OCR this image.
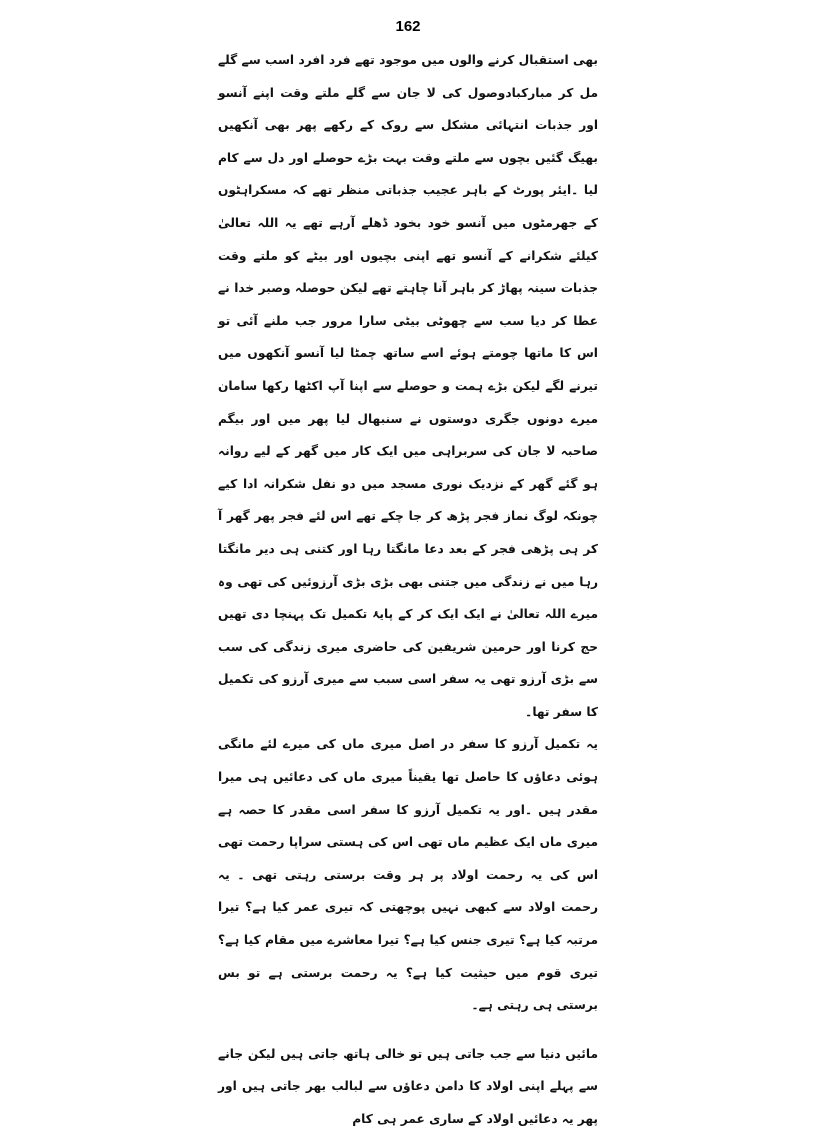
162

بھی استقبال کرنے والوں میں موجود تھے فرد افرد اسب سے گلے مل کر مبارکبادوصول کی لا جان سے گلے ملتے وقت اپنے آنسو اور جذبات انتہائی مشکل سے روک کے رکھے پھر بھی آنکھیں بھیگ گئیں بچوں سے ملتے وقت بہت بڑے حوصلے اور دل سے کام لیا ۔ایئر پورٹ کے باہر عجیب جذباتی منظر تھے کہ مسکراہٹوں کے جھرمٹوں میں آنسو خود بخود ڈھلے آرہے تھے یہ اللہ تعالیٰ کیلئے شکرانے کے آنسو تھے اپنی بچیوں اور بیٹے کو ملتے وقت جذبات سینہ پھاڑ کر باہر آنا چاہتے تھے لیکن حوصلہ وصبر خدا نے عطا کر دیا سب سے چھوٹی بیٹی سارا مرور جب ملنے آئی تو اس کا ماتھا چومتے ہوئے اسے ساتھ چمٹا لیا آنسو آنکھوں میں تیرنے لگے لیکن بڑے ہمت و حوصلے سے اپنا آپ اکٹھا رکھا سامان میرے دونوں جگری دوستوں نے سنبھال لیا پھر میں اور بیگم صاحبہ لا جان کی سربراہی میں ایک کار میں گھر کے لیے روانہ ہو گئے گھر کے نزدیک نوری مسجد میں دو نفل شکرانہ ادا کیے چونکہ لوگ نماز فجر پڑھ کر جا چکے تھے اس لئے فجر پھر گھر آ کر ہی پڑھی فجر کے بعد دعا مانگتا رہا اور کتنی ہی دیر مانگتا رہا میں نے زندگی میں جتنی بھی بڑی بڑی آرزوئیں کی تھی وہ میرے اللہ تعالیٰ نے ایک ایک کر کے پایۂ تکمیل تک پہنچا دی تھیں حج کرنا اور حرمین شریفین کی حاضری میری زندگی کی سب سے بڑی آرزو تھی یہ سفر اسی سبب سے میری آرزو کی تکمیل کا سفر تھا۔

یہ تکمیل آرزو کا سفر در اصل میری ماں کی میرے لئے مانگی ہوئی دعاؤں کا حاصل تھا یقیناً میری ماں کی دعائیں ہی میرا مقدر ہیں ۔اور یہ تکمیل آرزو کا سفر اسی مقدر کا حصہ ہے میری ماں ایک عظیم ماں تھی اس کی ہستی سراپا رحمت تھی اس کی یہ رحمت اولاد پر ہر وقت برستی رہتی تھی ۔ یہ رحمت اولاد سے کبھی نہیں پوچھتی کہ تیری عمر کیا ہے؟ تیرا مرتبہ کیا ہے؟ تیری جنس کیا ہے؟ تیرا معاشرے میں مقام کیا ہے؟ تیری قوم میں حیثیت کیا ہے؟ یہ رحمت برستی ہے تو بس برستی ہی رہتی ہے۔

مائیں دنیا سے جب جاتی ہیں تو خالی ہاتھ جاتی ہیں لیکن جانے سے پہلے اپنی اولاد کا دامن دعاؤں سے لبالب بھر جاتی ہیں اور پھر یہ دعائیں اولاد کے ساری عمر ہی کام
